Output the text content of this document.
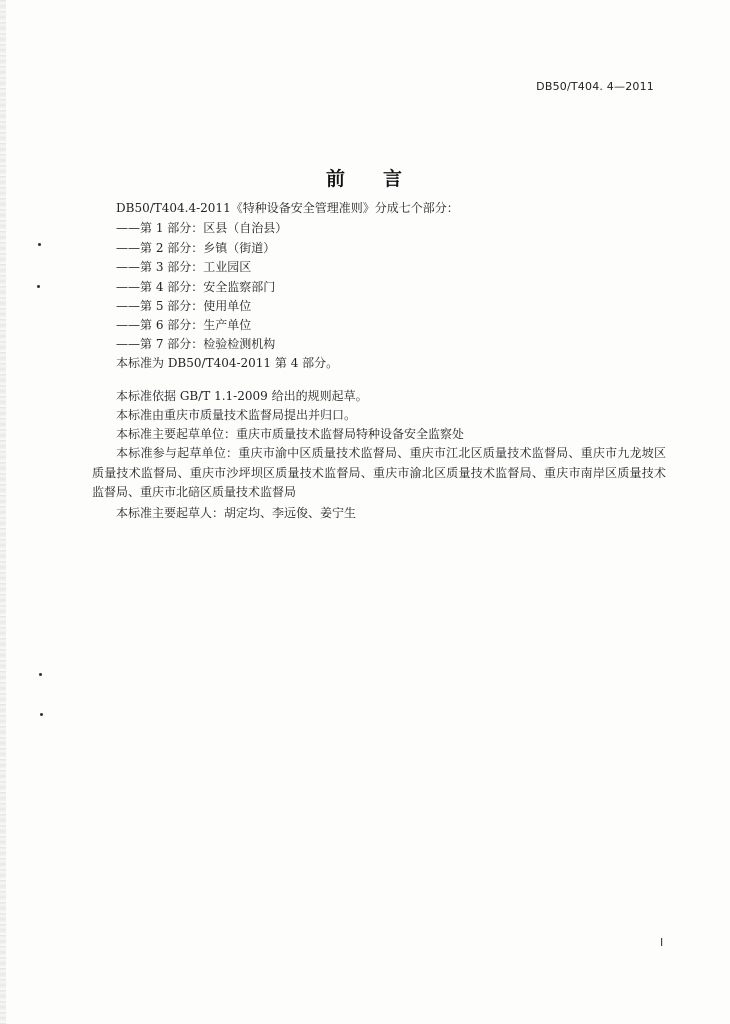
DB50/T404. 4—2011
前 言
DB50/T404.4-2011《特种设备安全管理准则》分成七个部分：
——第 1 部分：区县（自治县）
——第 2 部分：乡镇（街道）
——第 3 部分：工业园区
——第 4 部分：安全监察部门
——第 5 部分：使用单位
——第 6 部分：生产单位
——第 7 部分：检验检测机构
本标准为 DB50/T404-2011 第 4 部分。
本标准依据 GB/T 1.1-2009 给出的规则起草。
本标准由重庆市质量技术监督局提出并归口。
本标准主要起草单位：重庆市质量技术监督局特种设备安全监察处
本标准参与起草单位：重庆市渝中区质量技术监督局、重庆市江北区质量技术监督局、重庆市九龙坡区质量技术监督局、重庆市沙坪坝区质量技术监督局、重庆市渝北区质量技术监督局、重庆市南岸区质量技术监督局、重庆市北碚区质量技术监督局
本标准主要起草人：胡定均、李远俊、姜宁生
I
